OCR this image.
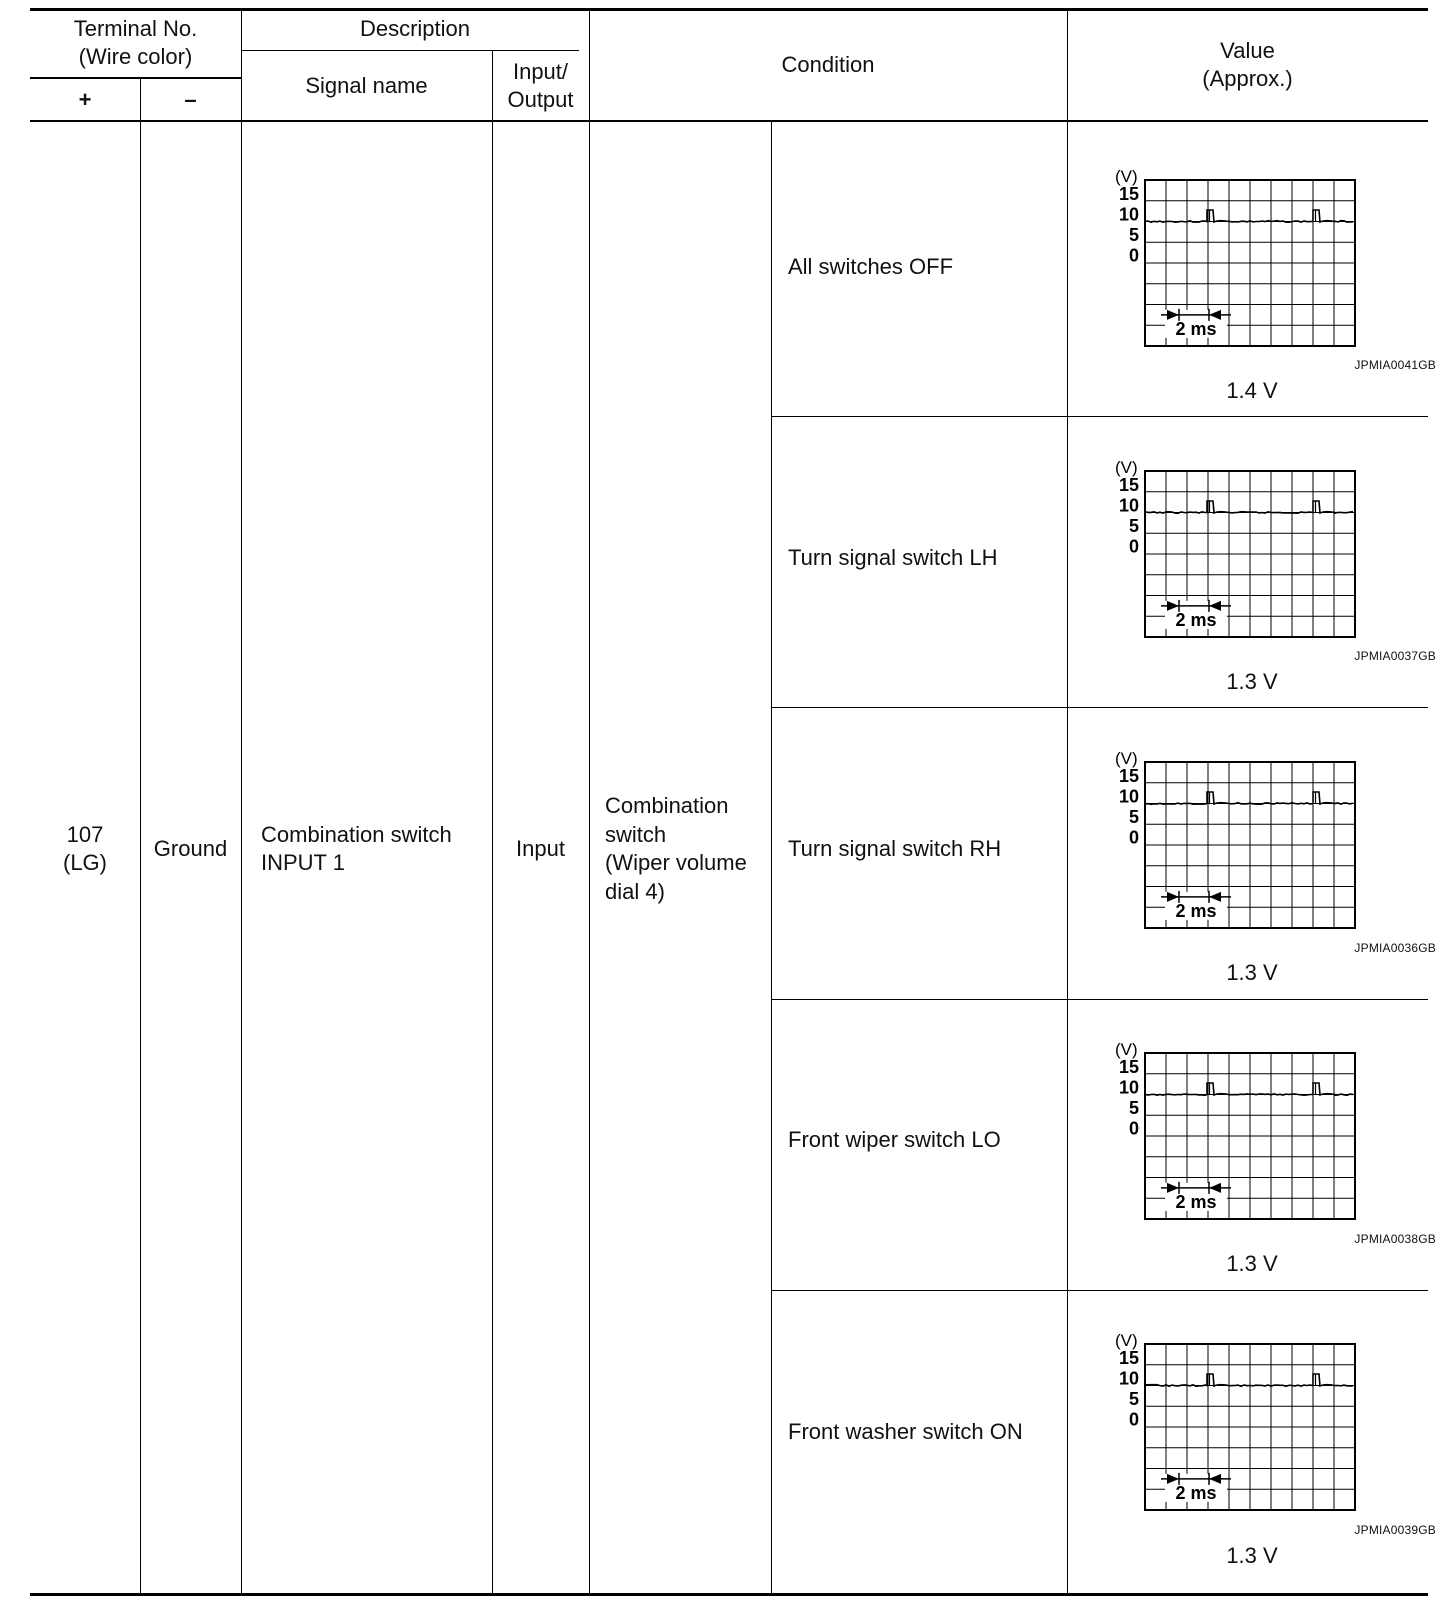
Terminal No.
(Wire color)
+	–
Description
Signal name
Input/
Output
Condition
Value
(Approx.)
107
(LG)
Ground
Combination switch
INPUT 1
Input
Combination
switch
(Wiper volume
dial 4)
All switches OFF
Turn signal switch LH
Turn signal switch RH
Front wiper switch LO
Front washer switch ON
(V)
15
10
5
0
2 ms
(V)
15
10
5
0
2 ms
(V)
15
10
5
0
2 ms
(V)
15
10
5
0
2 ms
(V)
15
10
5
0
2 ms
JPMIA0041GB
JPMIA0037GB
JPMIA0036GB
JPMIA0038GB
JPMIA0039GB
1.4 V
1.3 V
1.3 V
1.3 V
1.3 V
